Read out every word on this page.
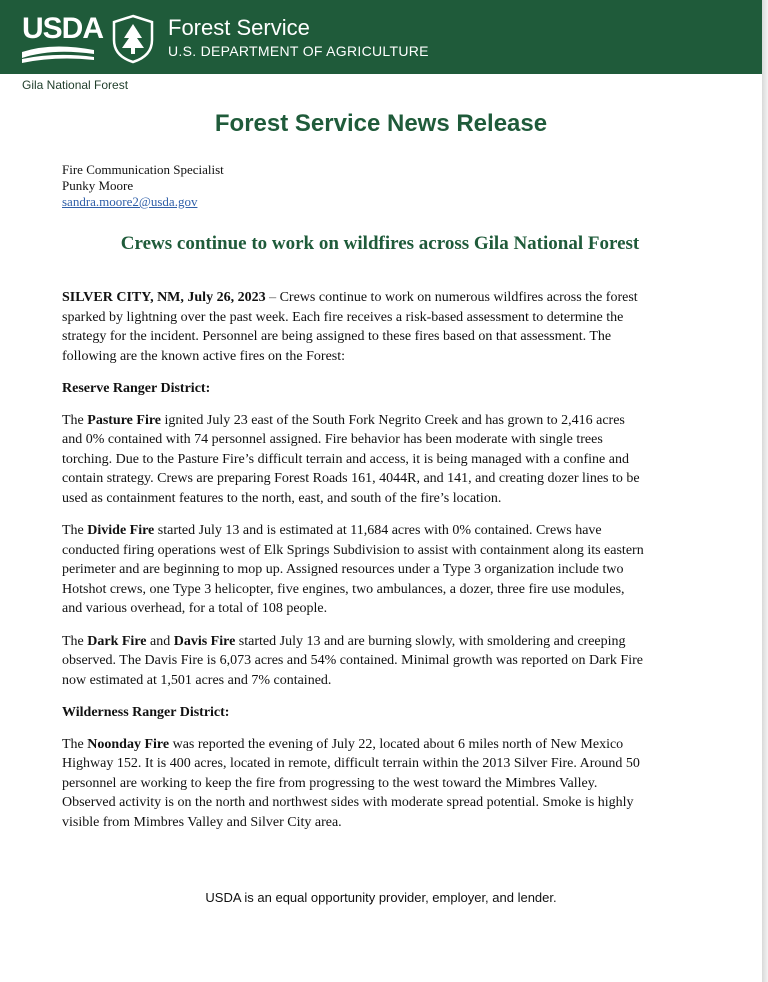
USDA	Forest Service
U.S. DEPARTMENT OF AGRICULTURE
Gila National Forest
Forest Service News Release
Fire Communication Specialist
Punky Moore
sandra.moore2@usda.gov
Crews continue to work on wildfires across Gila National Forest

SILVER CITY, NM, July 26, 2023 – Crews continue to work on numerous wildfires across the forest sparked by lightning over the past week. Each fire receives a risk-based assessment to determine the strategy for the incident. Personnel are being assigned to these fires based on that assessment. The following are the known active fires on the Forest:

Reserve Ranger District:

The Pasture Fire ignited July 23 east of the South Fork Negrito Creek and has grown to 2,416 acres and 0% contained with 74 personnel assigned. Fire behavior has been moderate with single trees torching. Due to the Pasture Fire’s difficult terrain and access, it is being managed with a confine and contain strategy. Crews are preparing Forest Roads 161, 4044R, and 141, and creating dozer lines to be used as containment features to the north, east, and south of the fire’s location.

The Divide Fire started July 13 and is estimated at 11,684 acres with 0% contained. Crews have conducted firing operations west of Elk Springs Subdivision to assist with containment along its eastern perimeter and are beginning to mop up. Assigned resources under a Type 3 organization include two Hotshot crews, one Type 3 helicopter, five engines, two ambulances, a dozer, three fire use modules, and various overhead, for a total of 108 people.

The Dark Fire and Davis Fire started July 13 and are burning slowly, with smoldering and creeping observed. The Davis Fire is 6,073 acres and 54% contained. Minimal growth was reported on Dark Fire now estimated at 1,501 acres and 7% contained.

Wilderness Ranger District:

The Noonday Fire was reported the evening of July 22, located about 6 miles north of New Mexico Highway 152. It is 400 acres, located in remote, difficult terrain within the 2013 Silver Fire. Around 50 personnel are working to keep the fire from progressing to the west toward the Mimbres Valley. Observed activity is on the north and northwest sides with moderate spread potential. Smoke is highly visible from Mimbres Valley and Silver City area.

USDA is an equal opportunity provider, employer, and lender.
